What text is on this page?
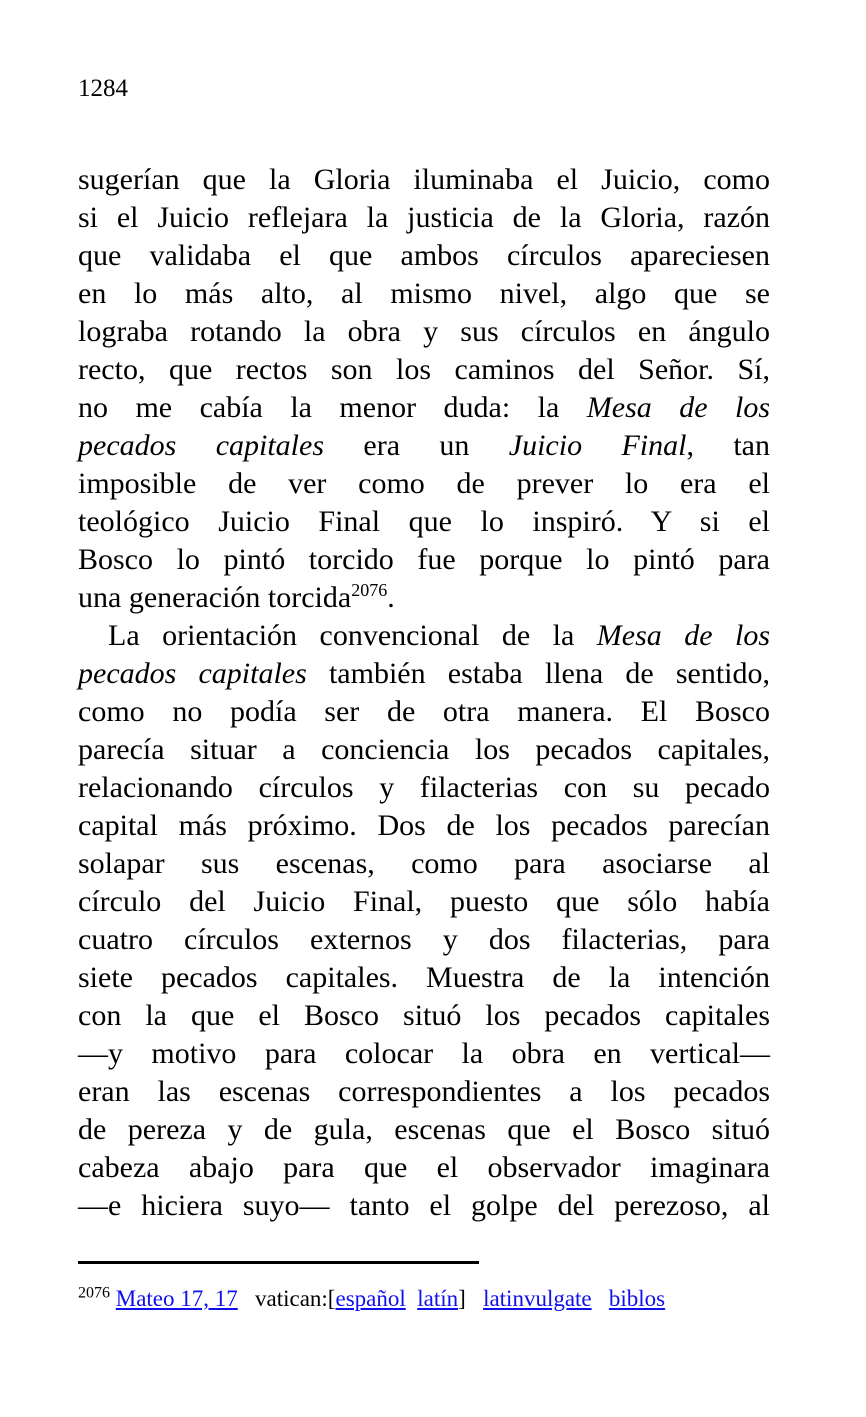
1284
sugerían que la Gloria iluminaba el Juicio, como
si el Juicio reflejara la justicia de la Gloria, razón
que validaba el que ambos círculos apareciesen
en lo más alto, al mismo nivel, algo que se
lograba rotando la obra y sus círculos en ángulo
recto, que rectos son los caminos del Señor. Sí,
no me cabía la menor duda: la Mesa de los
pecados capitales era un Juicio Final, tan
imposible de ver como de prever lo era el
teológico Juicio Final que lo inspiró. Y si el
Bosco lo pintó torcido fue porque lo pintó para
una generación torcida$^{2076}$.
La orientación convencional de la Mesa de los
pecados capitales también estaba llena de sentido,
como no podía ser de otra manera. El Bosco
parecía situar a conciencia los pecados capitales,
relacionando círculos y filacterias con su pecado
capital más próximo. Dos de los pecados parecían
solapar sus escenas, como para asociarse al
círculo del Juicio Final, puesto que sólo había
cuatro círculos externos y dos filacterias, para
siete pecados capitales. Muestra de la intención
con la que el Bosco situó los pecados capitales
—y motivo para colocar la obra en vertical—
eran las escenas correspondientes a los pecados
de pereza y de gula, escenas que el Bosco situó
cabeza abajo para que el observador imaginara
—e hiciera suyo— tanto el golpe del perezoso, al
$^{2076}$ Mateo 17, 17   vatican:[español latín]   latinvulgate biblos
